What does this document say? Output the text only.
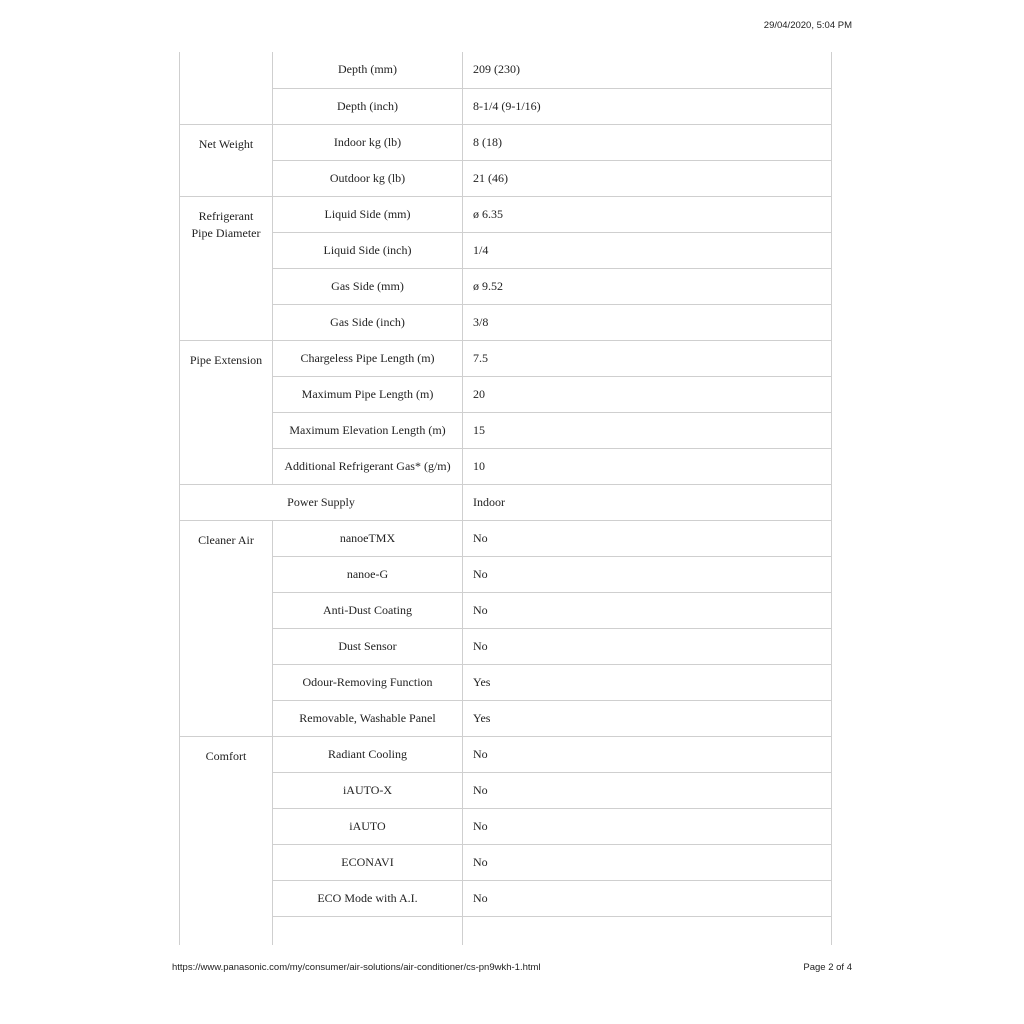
29/04/2020, 5:04 PM
	Depth (mm)	209 (230)
	Depth (inch)	8-1/4 (9-1/16)
Net Weight	Indoor kg (lb)	8 (18)
	Outdoor kg (lb)	21 (46)
Refrigerant
Pipe Diameter	Liquid Side (mm)	ø 6.35
	Liquid Side (inch)	1/4
	Gas Side (mm)	ø 9.52
	Gas Side (inch)	3/8
Pipe Extension	Chargeless Pipe Length (m)	7.5
	Maximum Pipe Length (m)	20
	Maximum Elevation Length (m)	15
	Additional Refrigerant Gas* (g/m)	10
Power Supply		Indoor
Cleaner Air	nanoeTMX	No
	nanoe-G	No
	Anti-Dust Coating	No
	Dust Sensor	No
	Odour-Removing Function	Yes
	Removable, Washable Panel	Yes
Comfort	Radiant Cooling	No
	iAUTO-X	No
	iAUTO	No
	ECONAVI	No
	ECO Mode with A.I.	No

https://www.panasonic.com/my/consumer/air-solutions/air-conditioner/cs-pn9wkh-1.html	Page 2 of 4
